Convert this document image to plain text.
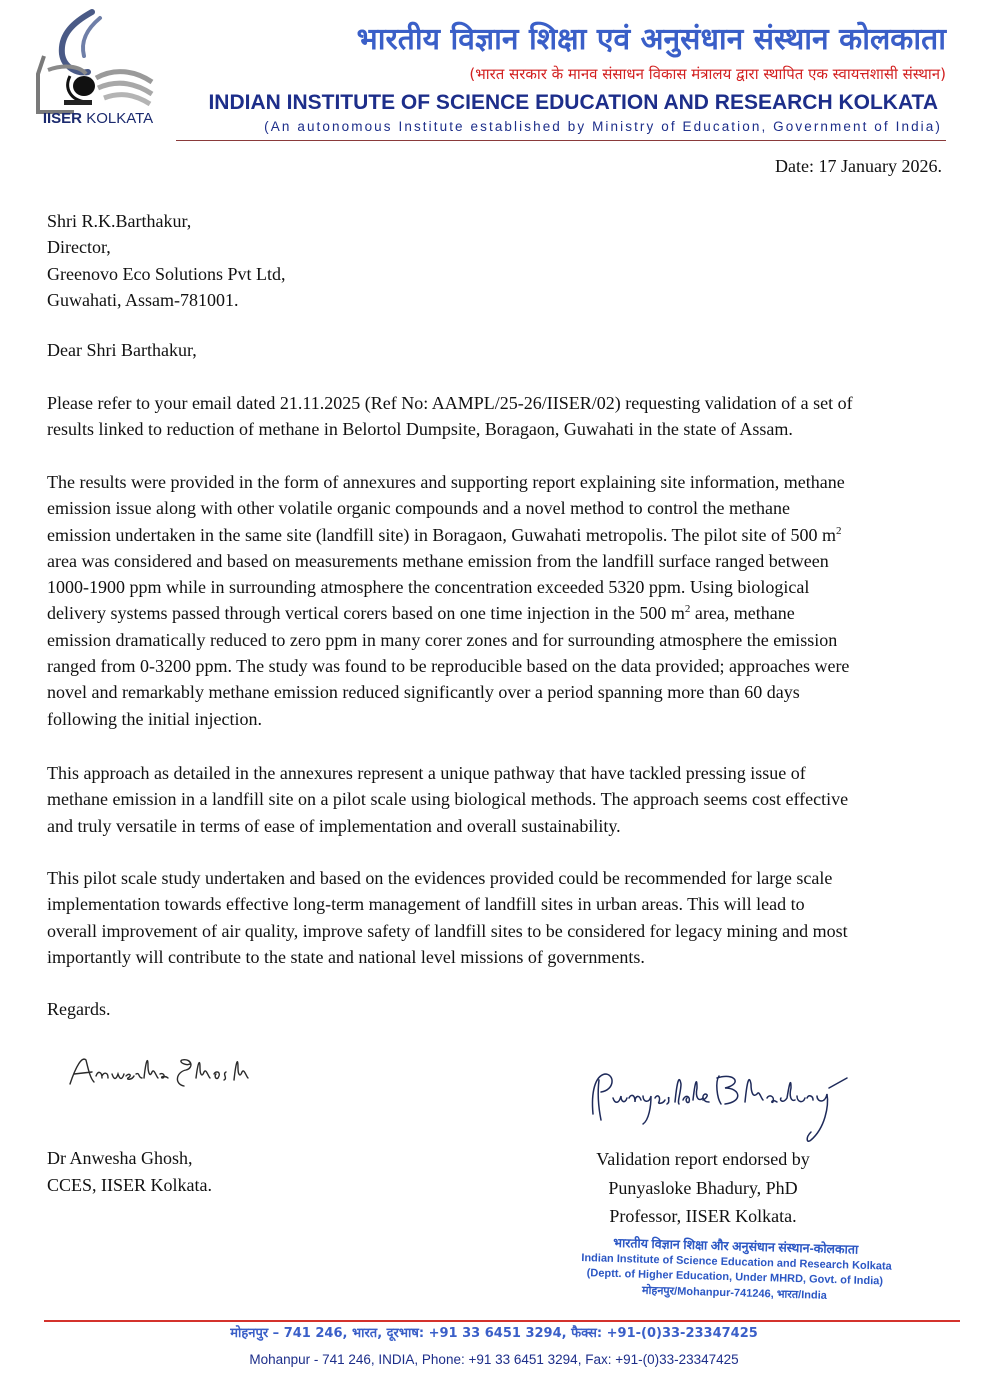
IISER KOLKATA
भारतीय विज्ञान शिक्षा एवं अनुसंधान संस्थान कोलकाता
(भारत सरकार के मानव संसाधन विकास मंत्रालय द्वारा स्थापित एक स्वायत्तशासी संस्थान)
INDIAN INSTITUTE OF SCIENCE EDUCATION AND RESEARCH KOLKATA
(An autonomous Institute established by Ministry of Education, Government of India)
Date: 17 January 2026.
Shri R.K.Barthakur,
Director,
Greenovo Eco Solutions Pvt Ltd,
Guwahati, Assam-781001.
Dear Shri Barthakur,
Please refer to your email dated 21.11.2025 (Ref No: AAMPL/25-26/IISER/02) requesting validation of a set of
results linked to reduction of methane in Belortol Dumpsite, Boragaon, Guwahati in the state of Assam.
The results were provided in the form of annexures and supporting report explaining site information, methane
emission issue along with other volatile organic compounds and a novel method to control the methane
emission undertaken in the same site (landfill site) in Boragaon, Guwahati metropolis. The pilot site of 500 $m^2$
area was considered and based on measurements methane emission from the landfill surface ranged between
1000-1900 ppm while in surrounding atmosphere the concentration exceeded 5320 ppm. Using biological
delivery systems passed through vertical corers based on one time injection in the 500 $m^2$ area, methane
emission dramatically reduced to zero ppm in many corer zones and for surrounding atmosphere the emission
ranged from 0-3200 ppm. The study was found to be reproducible based on the data provided; approaches were
novel and remarkably methane emission reduced significantly over a period spanning more than 60 days
following the initial injection.
This approach as detailed in the annexures represent a unique pathway that have tackled pressing issue of
methane emission in a landfill site on a pilot scale using biological methods. The approach seems cost effective
and truly versatile in terms of ease of implementation and overall sustainability.
This pilot scale study undertaken and based on the evidences provided could be recommended for large scale
implementation towards effective long-term management of landfill sites in urban areas. This will lead to
overall improvement of air quality, improve safety of landfill sites to be considered for legacy mining and most
importantly will contribute to the state and national level missions of governments.
Regards.
Dr Anwesha Ghosh,
CCES, IISER Kolkata.
Validation report endorsed by
Punyasloke Bhadury, PhD
Professor, IISER Kolkata.
भारतीय विज्ञान शिक्षा और अनुसंधान संस्थान-कोलकाता
Indian Institute of Science Education and Research Kolkata
(Deptt. of Higher Education, Under MHRD, Govt. of India)
मोहनपुर/Mohanpur-741246, भारत/India
मोहनपुर – 741 246, भारत, दूरभाष: +91 33 6451 3294, फैक्स: +91-(0)33-23347425
Mohanpur - 741 246, INDIA, Phone: +91 33 6451 3294, Fax: +91-(0)33-23347425
